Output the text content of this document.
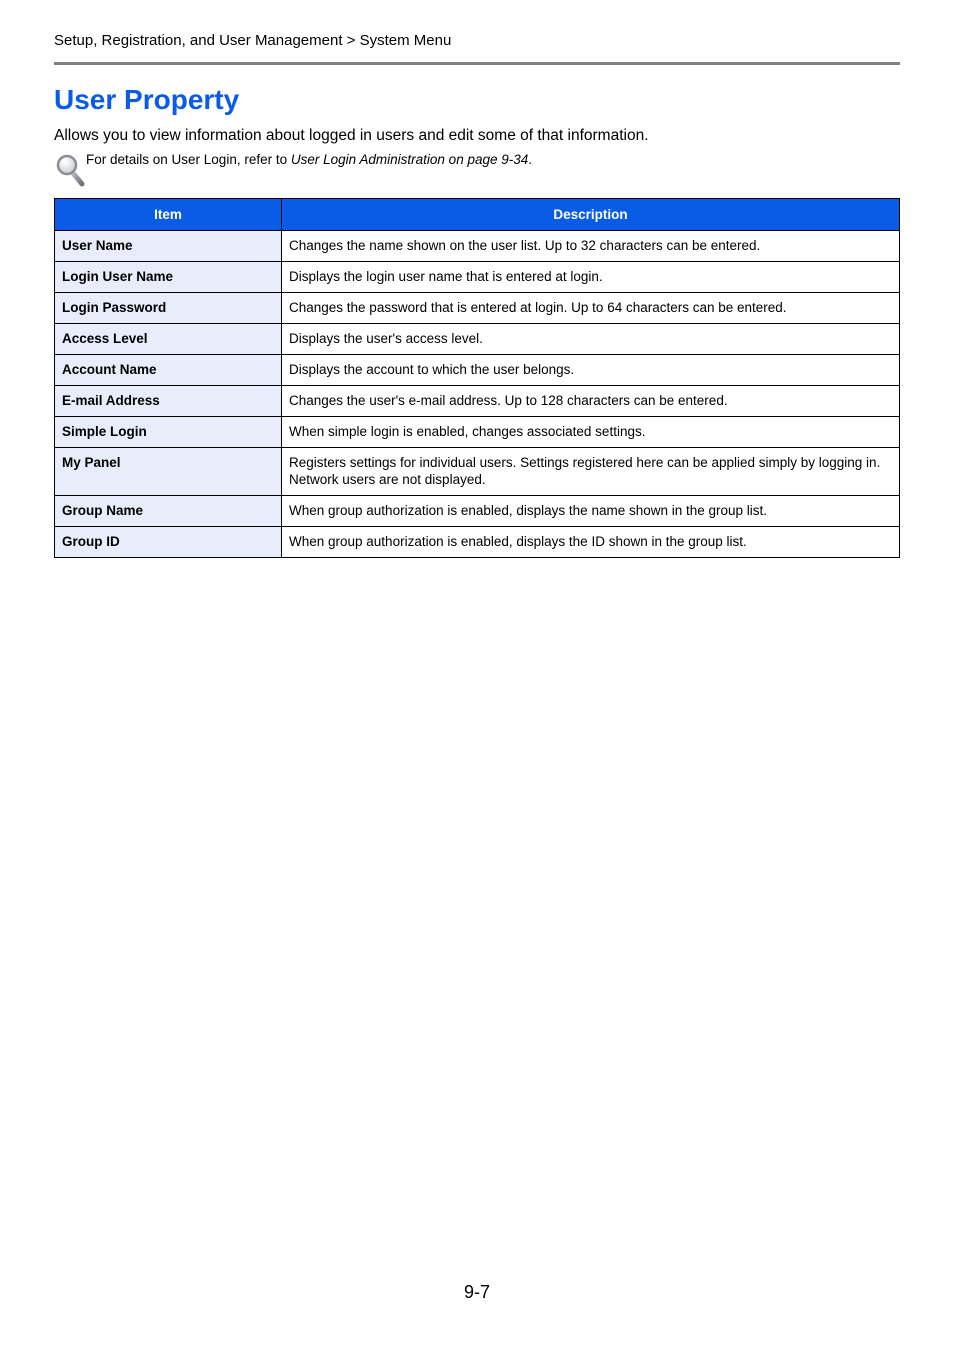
Setup, Registration, and User Management > System Menu
User Property

Allows you to view information about logged in users and edit some of that information.

For details on User Login, refer to User Login Administration on page 9-34.
Item	Description
User Name	Changes the name shown on the user list. Up to 32 characters can be entered.
Login User Name	Displays the login user name that is entered at login.
Login Password	Changes the password that is entered at login. Up to 64 characters can be entered.
Access Level	Displays the user's access level.
Account Name	Displays the account to which the user belongs.
E-mail Address	Changes the user's e-mail address. Up to 128 characters can be entered.
Simple Login	When simple login is enabled, changes associated settings.
My Panel	Registers settings for individual users. Settings registered here can be applied simply by logging in. Network users are not displayed.
Group Name	When group authorization is enabled, displays the name shown in the group list.
Group ID	When group authorization is enabled, displays the ID shown in the group list.
9-7
